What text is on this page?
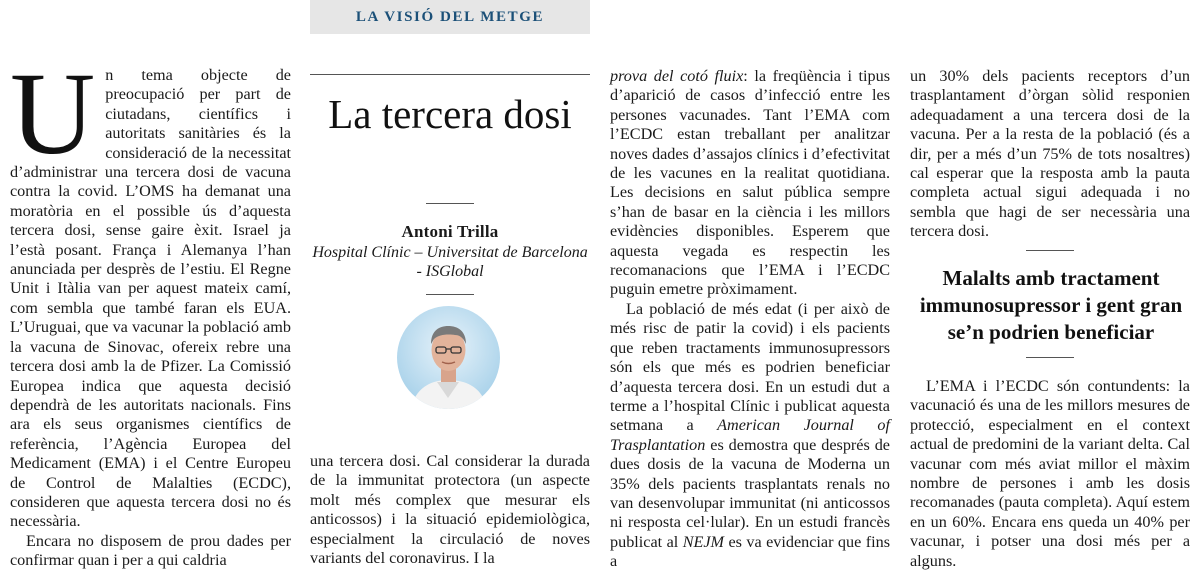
LA VISIÓ DEL METGE

Un tema objecte de preocupació per part de ciutadans, científics i autoritats sanitàries és la consideració de la necessitat d’administrar una tercera dosi de vacuna contra la covid. L’OMS ha demanat una moratòria en el possible ús d’aquesta tercera dosi, sense gaire èxit. Israel ja l’està posant. França i Alemanya l’han anunciada per desprès de l’estiu. El Regne Unit i Itàlia van per aquest mateix camí, com sembla que també faran els EUA. L’Uruguai, que va vacunar la població amb la vacuna de Sinovac, ofereix rebre una tercera dosi amb la de Pfizer. La Comissió Europea indica que aquesta decisió dependrà de les autoritats nacionals. Fins ara els seus organismes científics de referència, l’Agència Europea del Medicament (EMA) i el Centre Europeu de Control de Malalties (ECDC), consideren que aquesta tercera dosi no és necessària.

Encara no disposem de prou dades per confirmar quan i per a qui caldria

La tercera dosi
Antoni Trilla
Hospital Clínic – Universitat de Barcelona - ISGlobal

una tercera dosi. Cal considerar la durada de la immunitat protectora (un aspecte molt més complex que mesurar els anticossos) i la situació epidemiològica, especialment la circulació de noves variants del coronavirus. I la

prova del cotó fluix: la freqüència i tipus d’aparició de casos d’infecció entre les persones vacunades. Tant l’EMA com l’ECDC estan treballant per analitzar noves dades d’assajos clínics i d’efectivitat de les vacunes en la realitat quotidiana. Les decisions en salut pública sempre s’han de basar en la ciència i les millors evidències disponibles. Esperem que aquesta vegada es respectin les recomanacions que l’EMA i l’ECDC puguin emetre pròximament.

La població de més edat (i per això de més risc de patir la covid) i els pacients que reben tractaments immunosupressors són els que més es podrien beneficiar d’aquesta tercera dosi. En un estudi dut a terme a l’hospital Clínic i publicat aquesta setmana a American Journal of Trasplantation es demostra que després de dues dosis de la vacuna de Moderna un 35% dels pacients trasplantats renals no van desenvolupar immunitat (ni anticossos ni resposta cel·lular). En un estudi francès publicat al NEJM es va evidenciar que fins a

un 30% dels pacients receptors d’un trasplantament d’òrgan sòlid responien adequadament a una tercera dosi de la vacuna. Per a la resta de la població (és a dir, per a més d’un 75% de tots nosaltres) cal esperar que la resposta amb la pauta completa actual sigui adequada i no sembla que hagi de ser necessària una tercera dosi.

Malalts amb tractament immunosupressor i gent gran se’n podrien beneficiar

L’EMA i l’ECDC són contundents: la vacunació és una de les millors mesures de protecció, especialment en el context actual de predomini de la variant delta. Cal vacunar com més aviat millor el màxim nombre de persones i amb les dosis recomanades (pauta completa). Aquí estem en un 60%. Encara ens queda un 40% per vacunar, i potser una dosi més per a alguns.
